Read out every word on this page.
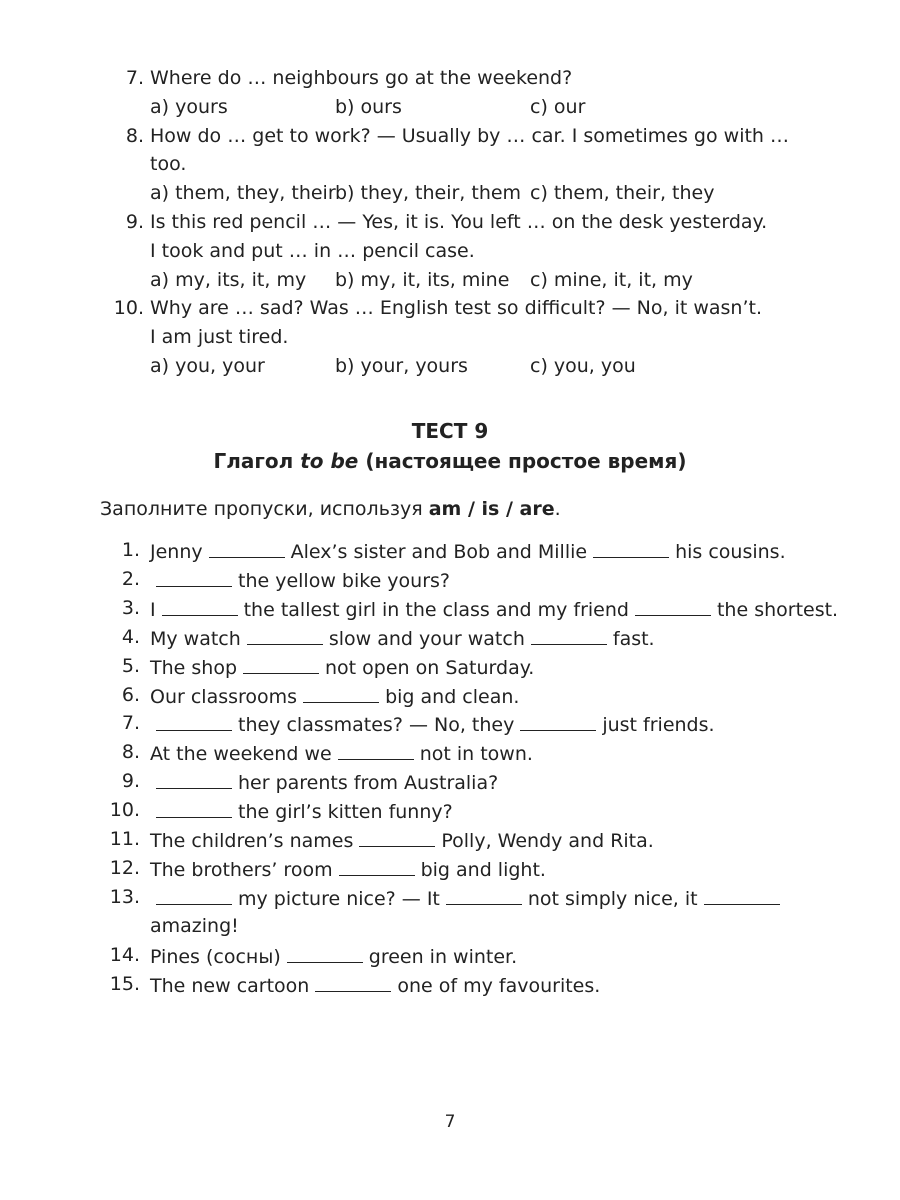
7. Where do … neighbours go at the weekend?
a) yours	b) ours	c) our
8. How do … get to work? — Usually by … car. I sometimes go with …
too.
a) them, they, their b) they, their, them c) them, their, they
9. Is this red pencil … — Yes, it is. You left … on the desk yesterday.
I took and put … in … pencil case.
a) my, its, it, my b) my, it, its, mine c) mine, it, it, my
10. Why are … sad? Was … English test so difficult? — No, it wasn’t.
I am just tired.
a) you, your	b) your, yours	c) you, you
ТЕСТ 9
Глагол to be (настоящее простое время)
Заполните пропуски, используя am / is / are.
1. Jenny	Alex’s sister and Bob and Millie	his cousins.
2.	the yellow bike yours?
3. I	the tallest girl in the class and my friend	the shortest.
4. My watch	slow and your watch	fast.
5. The shop	not open on Saturday.
6. Our classrooms	big and clean.
7.	they classmates? — No, they	just friends.
8. At the weekend we	not in town.
9.	her parents from Australia?
10.	the girl’s kitten funny?
11. The children’s names	Polly, Wendy and Rita.
12. The brothers’ room	big and light.
13.	my picture nice? — It	not simply nice, it
amazing!
14. Pines (сосны)	green in winter.
15. The new cartoon	one of my favourites.
7
